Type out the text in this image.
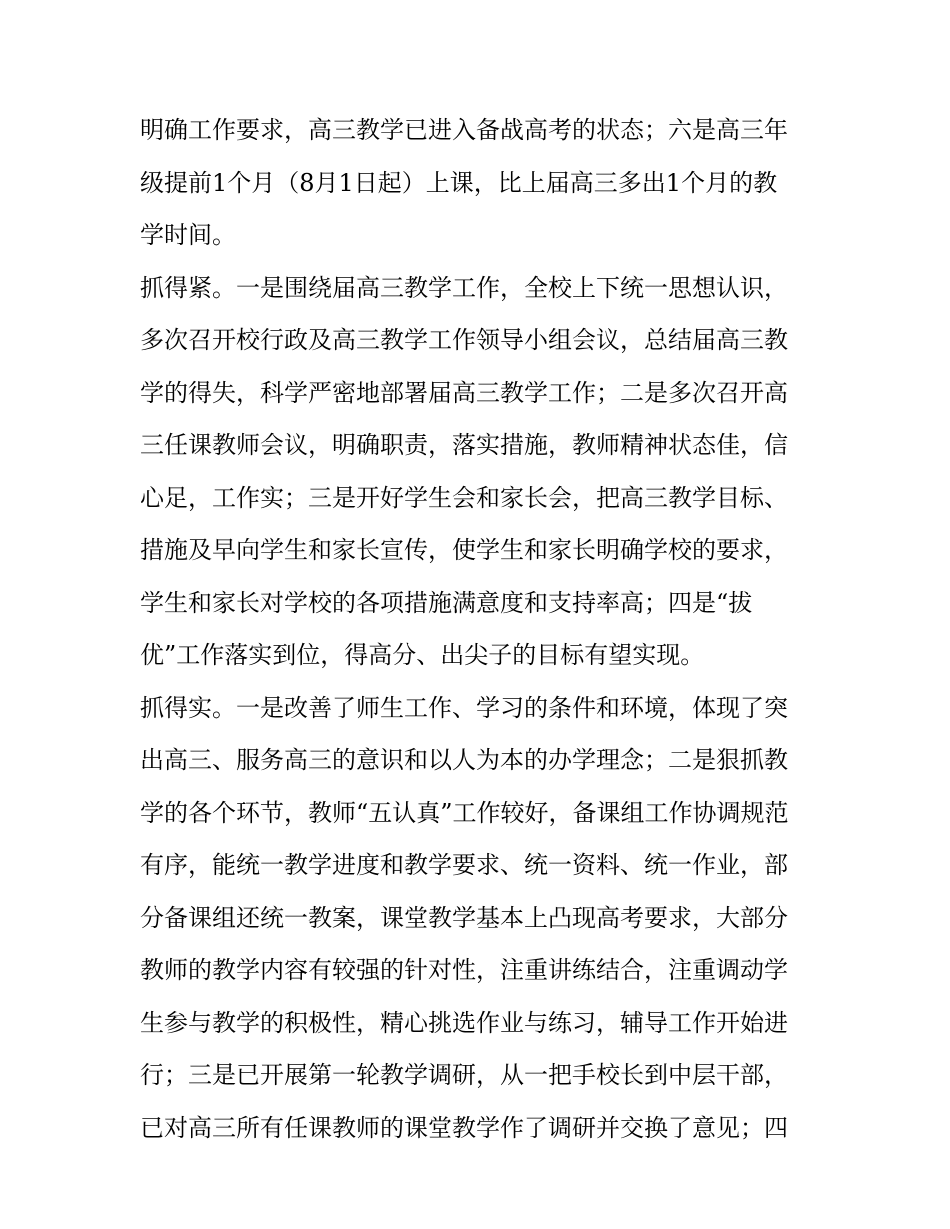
明确工作要求，高三教学已进入备战高考的状态；六是高三年
级提前1个月（8月1日起）上课，比上届高三多出1个月的教
学时间。
抓得紧。一是围绕届高三教学工作，全校上下统一思想认识，
多次召开校行政及高三教学工作领导小组会议，总结届高三教
学的得失，科学严密地部署届高三教学工作；二是多次召开高
三任课教师会议，明确职责，落实措施，教师精神状态佳，信
心足，工作实；三是开好学生会和家长会，把高三教学目标、
措施及早向学生和家长宣传，使学生和家长明确学校的要求，
学生和家长对学校的各项措施满意度和支持率高；四是“拔
优”工作落实到位，得高分、出尖子的目标有望实现。
抓得实。一是改善了师生工作、学习的条件和环境，体现了突
出高三、服务高三的意识和以人为本的办学理念；二是狠抓教
学的各个环节，教师“五认真”工作较好，备课组工作协调规范
有序，能统一教学进度和教学要求、统一资料、统一作业，部
分备课组还统一教案，课堂教学基本上凸现高考要求，大部分
教师的教学内容有较强的针对性，注重讲练结合，注重调动学
生参与教学的积极性，精心挑选作业与练习，辅导工作开始进
行；三是已开展第一轮教学调研，从一把手校长到中层干部，
已对高三所有任课教师的课堂教学作了调研并交换了意见；四
